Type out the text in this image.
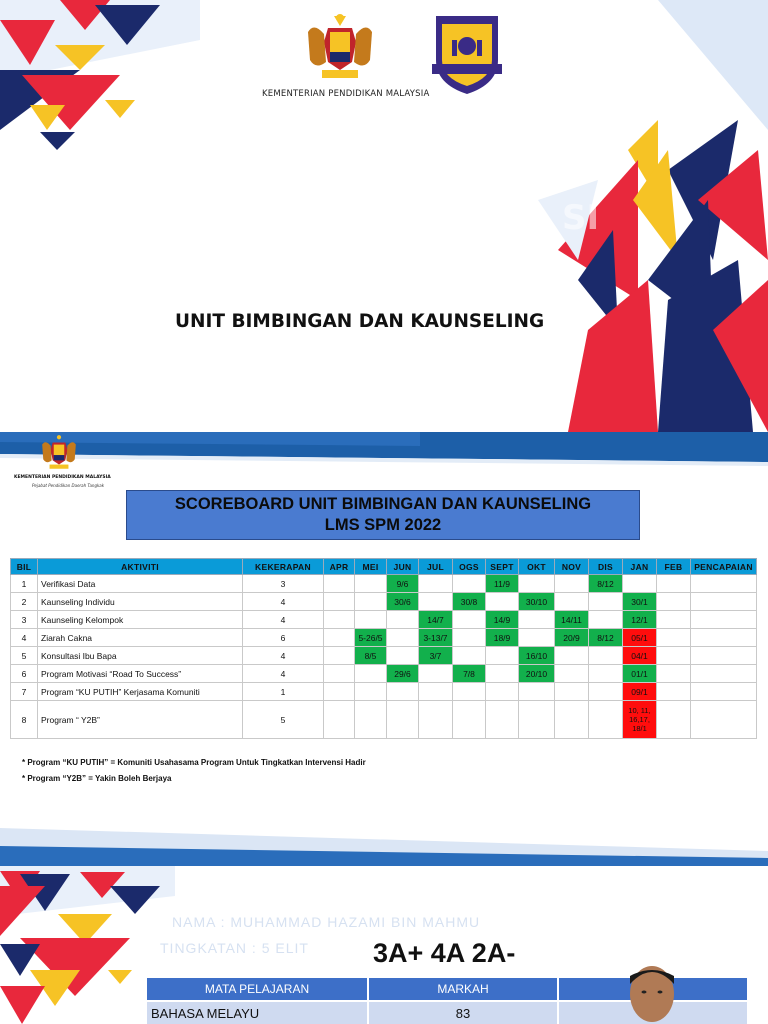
SI
KEMENTERIAN PENDIDIKAN MALAYSIA
UNIT BIMBINGAN DAN KAUNSELING
KEMENTERIAN PENDIDIKAN MALAYSIA
Pejabat Pendidikan Daerah Tangkak
SCOREBOARD UNIT BIMBINGAN DAN KAUNSELING
LMS SPM 2022
BIL	AKTIVITI	KEKERAPAN	APR	MEI	JUN	JUL	OGS	SEPT	OKT	NOV	DIS	JAN	FEB	PENCAPAIAN
1	Verifikasi Data	3			9/6			11/9			8/12			
2	Kaunseling Individu	4			30/6		30/8		30/10			30/1		
3	Kaunseling Kelompok	4				14/7		14/9		14/11		12/1		
4	Ziarah Cakna	6		5-26/5		3-13/7		18/9		20/9	8/12	05/1		
5	Konsultasi Ibu Bapa	4		8/5		3/7			16/10			04/1		
6	Program Motivasi “Road To Success”	4			29/6		7/8		20/10			01/1		
7	Program “KU PUTIH” Kerjasama Komuniti	1										09/1		
8	Program “ Y2B”	5										10, 11, 16,17, 18/1		
* Program “KU PUTIH” = Komuniti Usahasama Program Untuk Tingkatkan Intervensi Hadir
* Program “Y2B” = Yakin Boleh Berjaya
NAMA : MUHAMMAD HAZAMI BIN MAHMU
TINGKATAN : 5 ELIT 3A+ 4A 2A-
MATA PELAJARAN	MARKAH	
BAHASA MELAYU	83	
